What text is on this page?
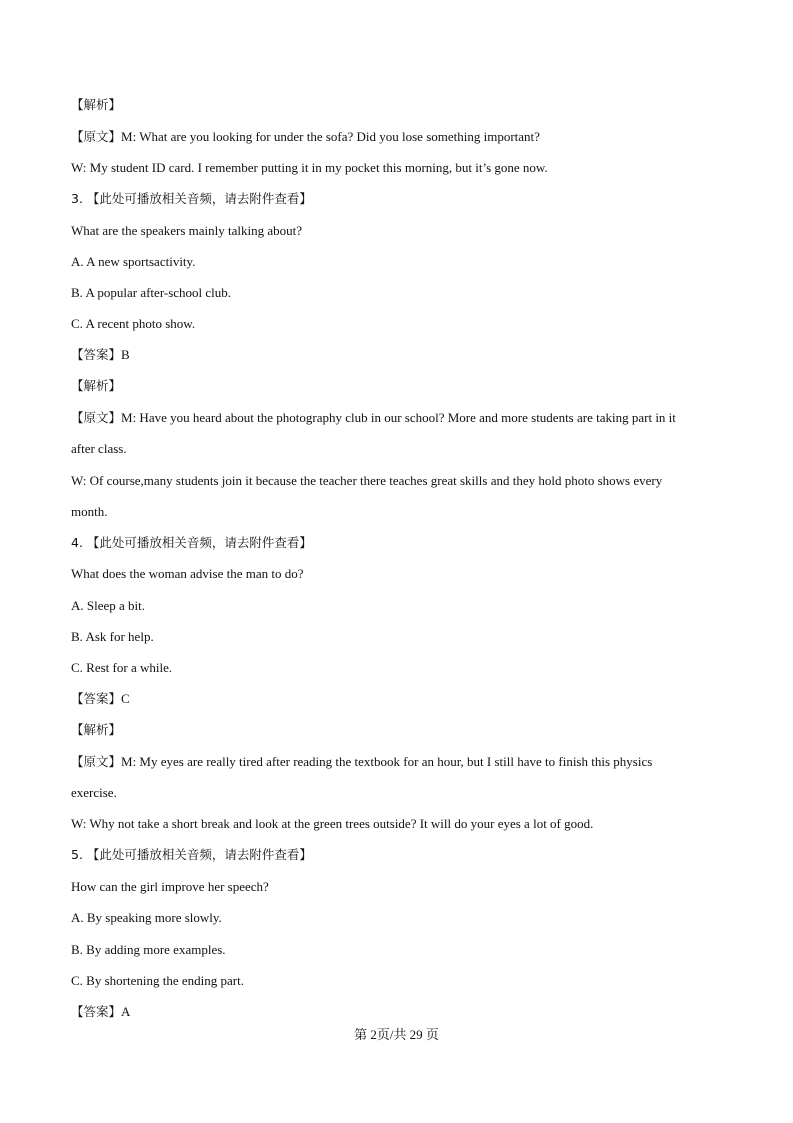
【解析】
【原文】M: What are you looking for under the sofa? Did you lose something important?
W: My student ID card. I remember putting it in my pocket this morning, but it’s gone now.
3. 【此处可播放相关音频，请去附件查看】
What are the speakers mainly talking about?
A. A new sportsactivity.
B. A popular after-school club.
C. A recent photo show.
【答案】B
【解析】
【原文】M: Have you heard about the photography club in our school? More and more students are taking part in it
after class.
W: Of course,many students join it because the teacher there teaches great skills and they hold photo shows every
month.
4. 【此处可播放相关音频，请去附件查看】
What does the woman advise the man to do?
A. Sleep a bit.
B. Ask for help.
C. Rest for a while.
【答案】C
【解析】
【原文】M: My eyes are really tired after reading the textbook for an hour, but I still have to finish this physics
exercise.
W: Why not take a short break and look at the green trees outside? It will do your eyes a lot of good.
5. 【此处可播放相关音频，请去附件查看】
How can the girl improve her speech?
A. By speaking more slowly.
B. By adding more examples.
C. By shortening the ending part.
【答案】A
第 2页/共 29 页
